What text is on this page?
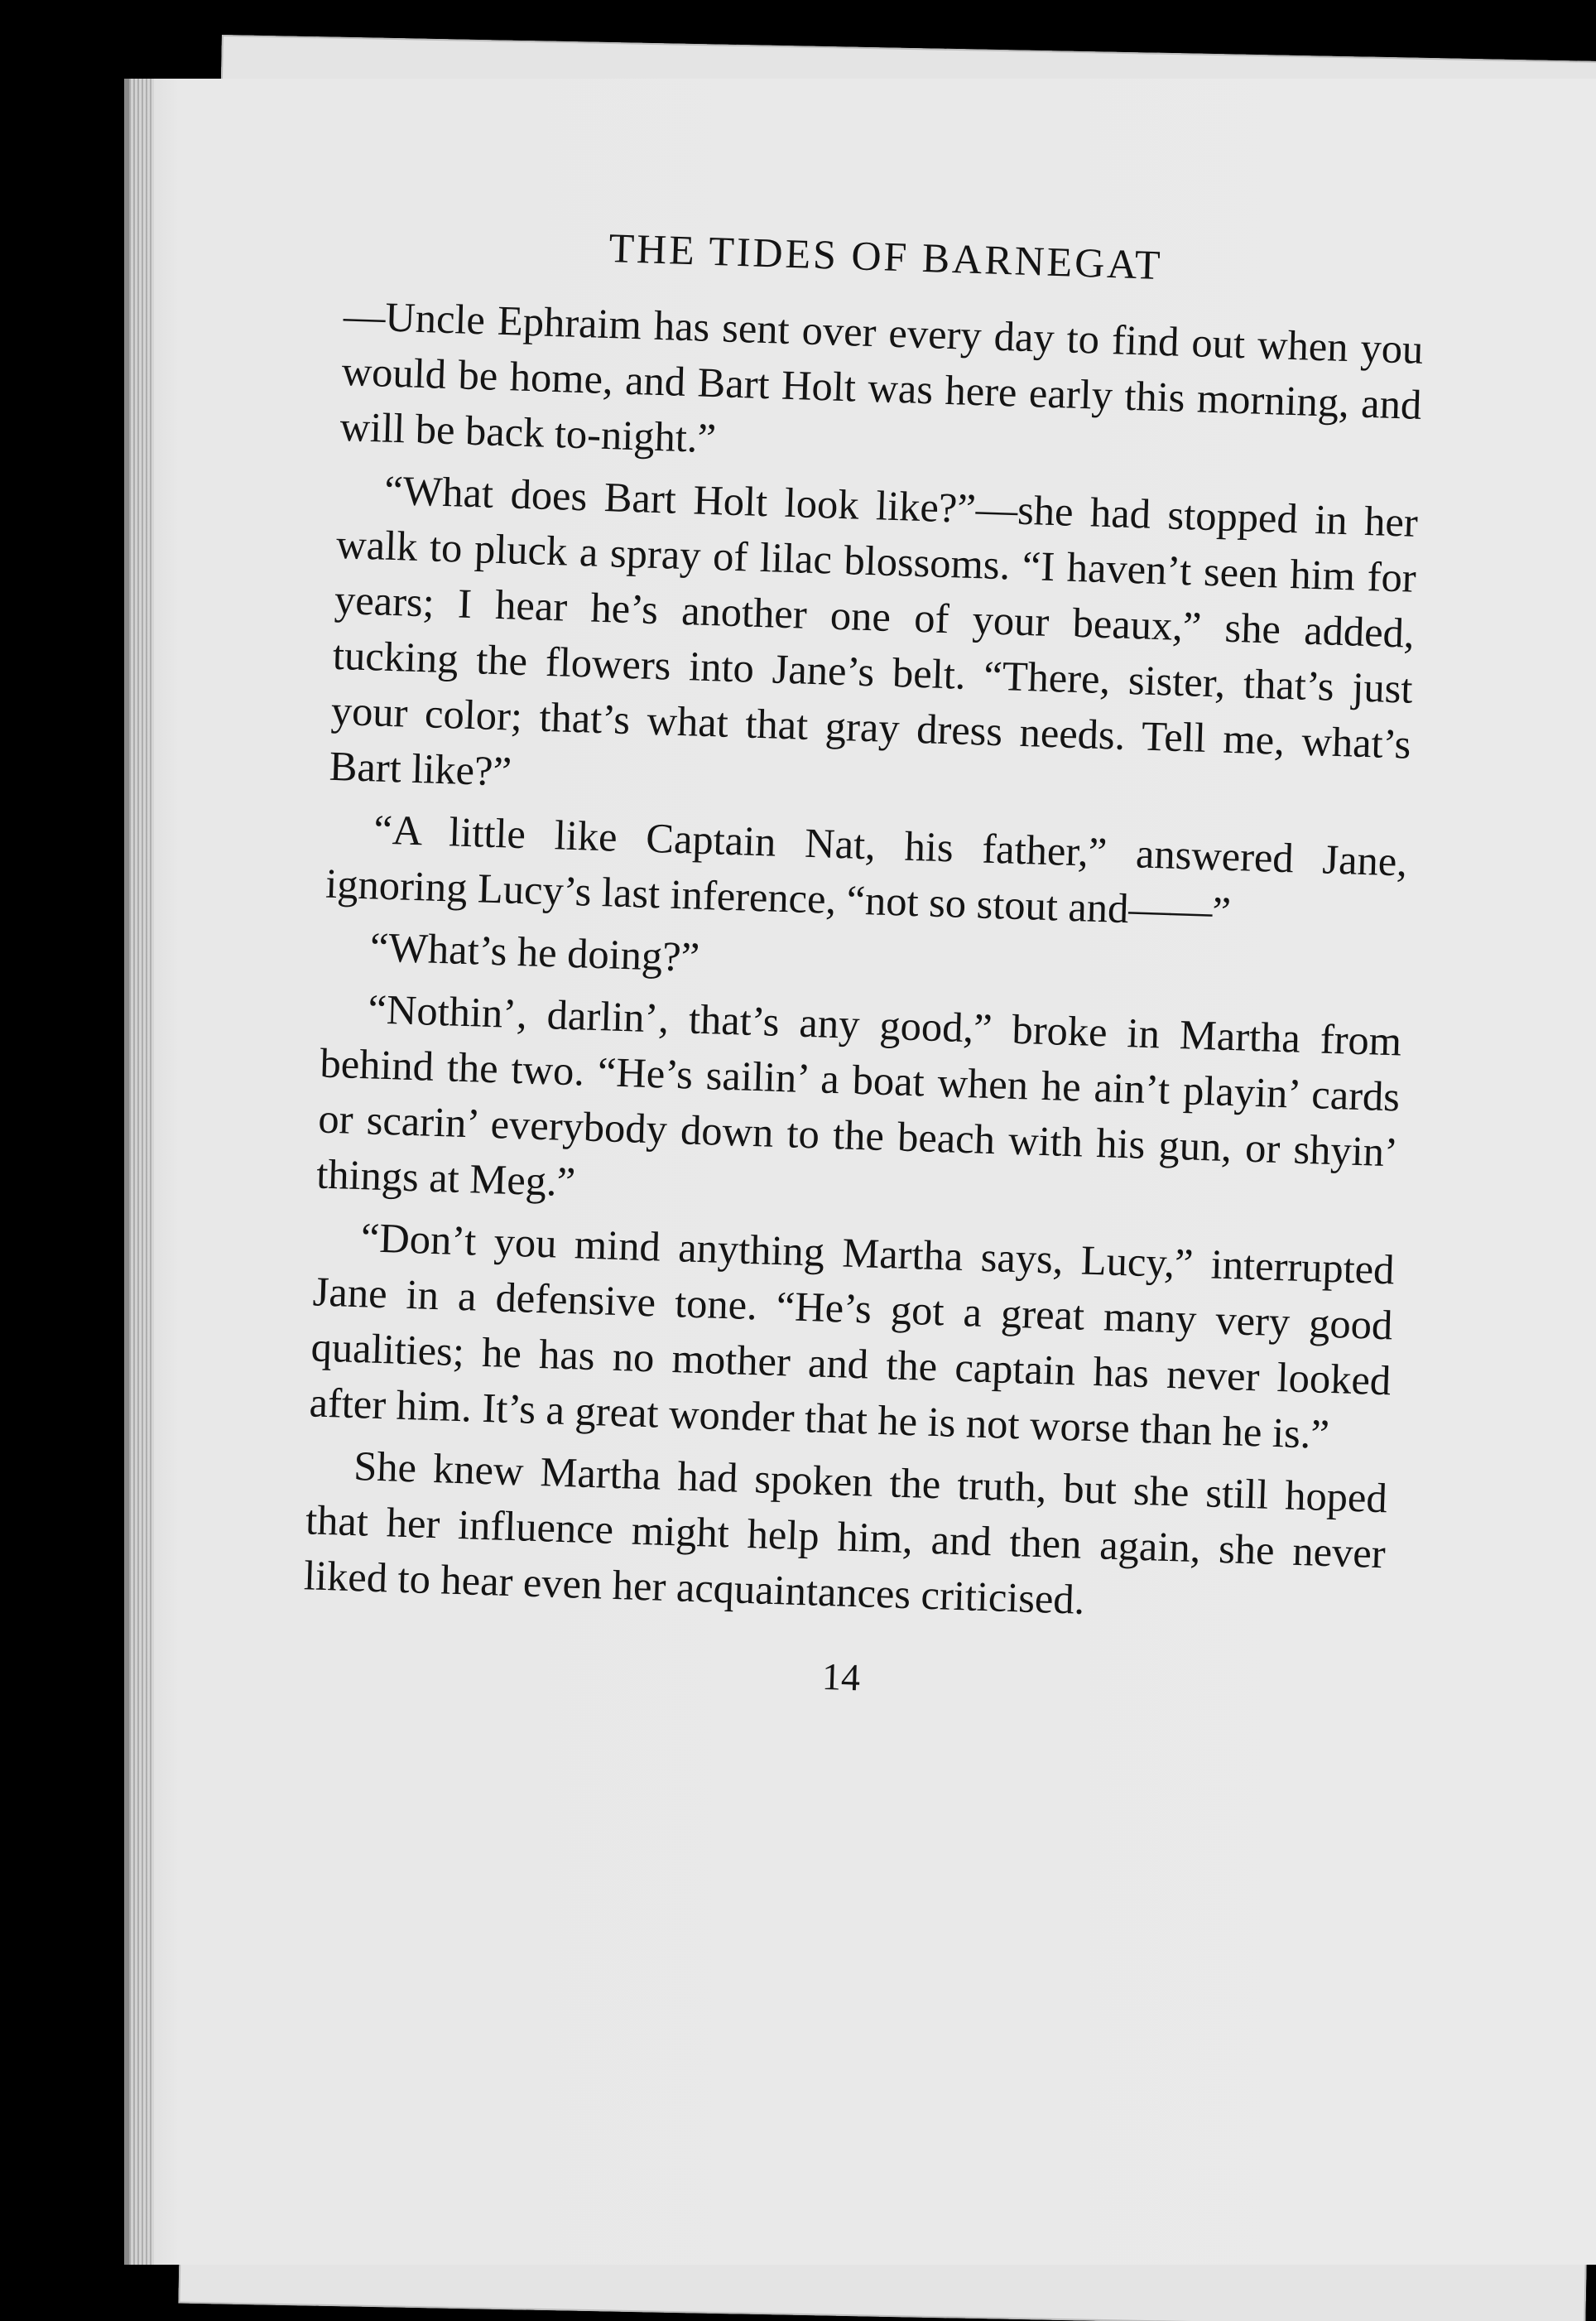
THE TIDES OF BARNEGAT

—Uncle Ephraim has sent over every day to find out when you would be home, and Bart Holt was here early this morning, and will be back to-night.”

“What does Bart Holt look like?”—she had stopped in her walk to pluck a spray of lilac blossoms. “I haven’t seen him for years; I hear he’s another one of your beaux,” she added, tucking the flowers into Jane’s belt. “There, sister, that’s just your color; that’s what that gray dress needs. Tell me, what’s Bart like?”

“A little like Captain Nat, his father,” answered Jane, ignoring Lucy’s last inference, “not so stout and——”

“What’s he doing?”

“Nothin’, darlin’, that’s any good,” broke in Martha from behind the two. “He’s sailin’ a boat when he ain’t playin’ cards or scarin’ everybody down to the beach with his gun, or shyin’ things at Meg.”

“Don’t you mind anything Martha says, Lucy,” interrupted Jane in a defensive tone. “He’s got a great many very good qualities; he has no mother and the captain has never looked after him. It’s a great wonder that he is not worse than he is.”

She knew Martha had spoken the truth, but she still hoped that her influence might help him, and then again, she never liked to hear even her acquaintances criticised.

14
